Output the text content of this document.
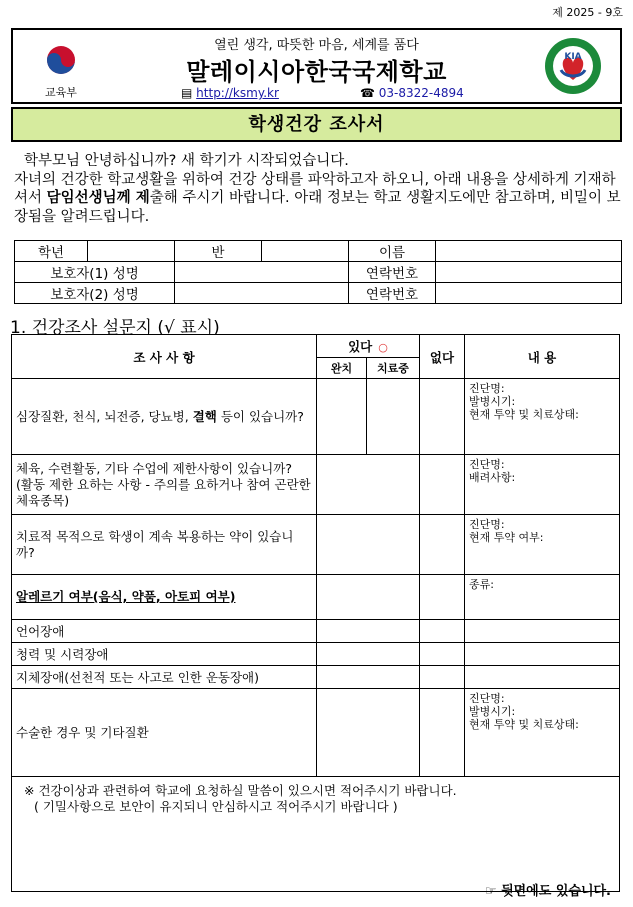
제 2025 - 9호
교육부
열린 생각, 따뜻한 마음, 세계를 품다
말레이시아한국국제학교
▤ http://ksmy.kr	☎ 03-8322-4894
KIA
학생건강 조사서

학부모님 안녕하십니까? 새 학기가 시작되었습니다.

자녀의 건강한 학교생활을 위하여 건강 상태를 파악하고자 하오니, 아래 내용을 상세하게 기재하셔서 담임선생님께 제출해 주시기 바랍니다. 아래 정보는 학교 생활지도에만 참고하며, 비밀이 보장됨을 알려드립니다.

학년		반		이름	
보호자(1) 성명				연락번호	
보호자(2) 성명				연락번호	
1. 건강조사 설문지 (√ 표시)
조 사 사 항	있다 ○		없다	내 용
	완치	치료중		
심장질환, 천식, 뇌전증, 당뇨병, 결핵 등이 있습니까?				진단명:
발병시기:
현재 투약 및 치료상태:

체육, 수련활동, 기타 수업에 제한사항이 있습니까? (활동 제한 요하는 사항 - 주의를 요하거나 참여 곤란한 체육종목)				진단명:
배려사항:

치료적 목적으로 학생이 계속 복용하는 약이 있습니까?				진단명:
현재 투약 여부:

알레르기 여부(음식, 약품, 아토피 여부)				종류:

언어장애				
청력 및 시력장애				
지체장애(선천적 또는 사고로 인한 운동장애)				
수술한 경우 및 기타질환				진단명:
발병시기:
현재 투약 및 치료상태:

※ 건강이상과 관련하여 학교에 요청하실 말씀이 있으시면 적어주시기 바랍니다.
( 기밀사항으로 보안이 유지되니 안심하시고 적어주시기 바랍니다 )				
☞ 뒷면에도 있습니다.
